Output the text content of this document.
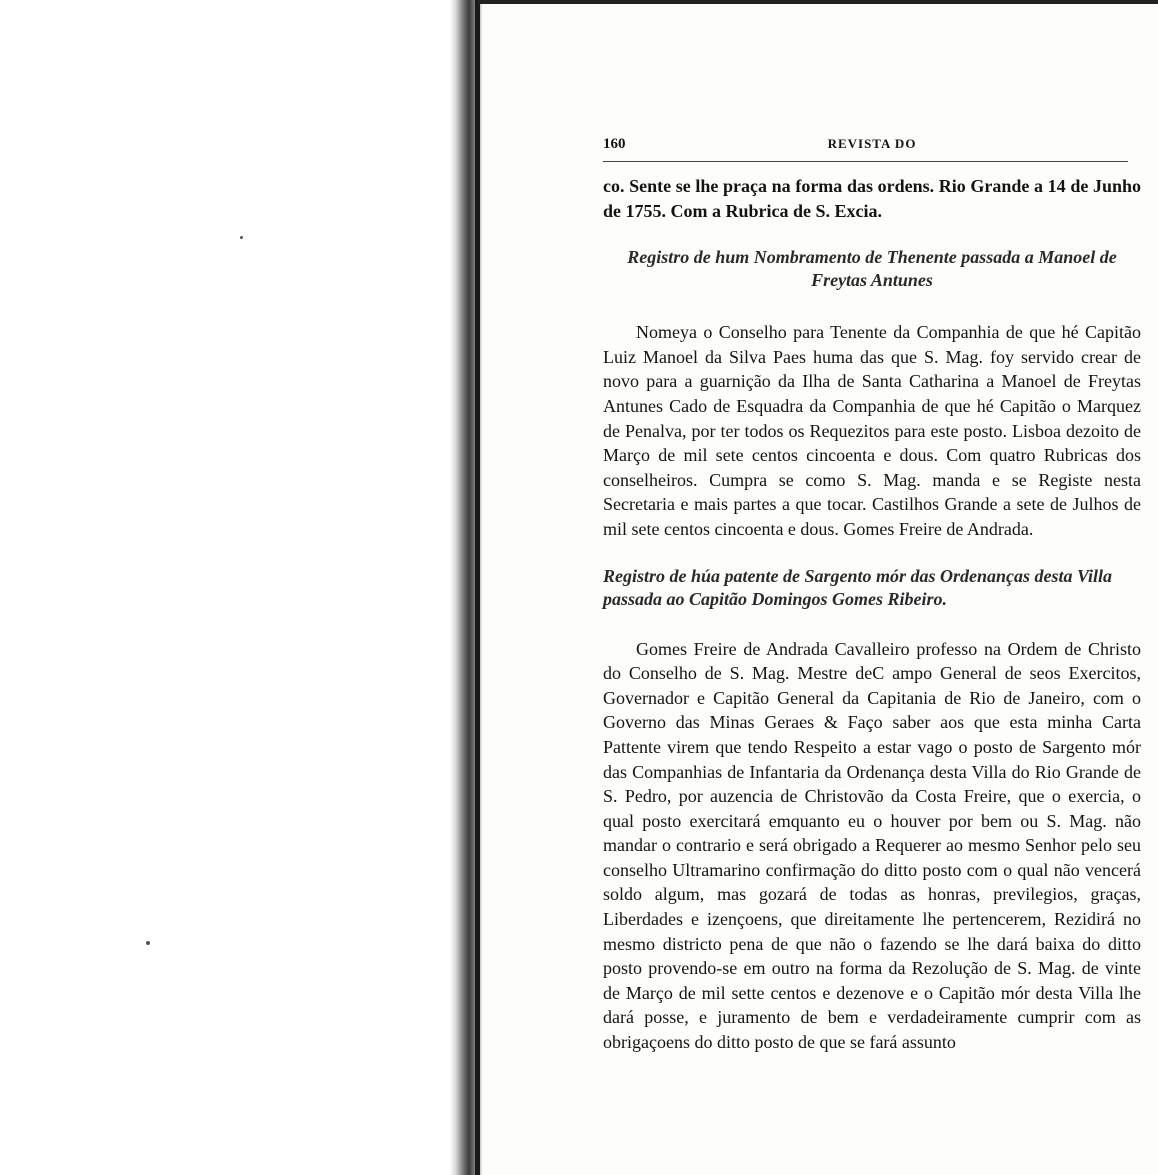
160	REVISTA DO

co. Sente se lhe praça na forma das ordens. Rio Grande a 14 de Junho de 1755. Com a Rubrica de S. Excia.

Registro de hum Nombramento de Thenente passada a Manoel de Freytas Antunes

Nomeya o Conselho para Tenente da Companhia de que hé Capitão Luiz Manoel da Silva Paes huma das que S. Mag. foy servido crear de novo para a guarnição da Ilha de Santa Catharina a Manoel de Freytas Antunes Cado de Esquadra da Companhia de que hé Capitão o Marquez de Penalva, por ter todos os Requezitos para este posto. Lisboa dezoito de Março de mil sete centos cincoenta e dous. Com quatro Rubricas dos conselheiros. Cumpra se como S. Mag. manda e se Registe nesta Secretaria e mais partes a que tocar. Castilhos Grande a sete de Julhos de mil sete centos cincoenta e dous. Gomes Freire de Andrada.

Registro de húa patente de Sargento mór das Ordenanças desta Villa passada ao Capitão Domingos Gomes Ribeiro.

Gomes Freire de Andrada Cavalleiro professo na Ordem de Christo do Conselho de S. Mag. Mestre deC ampo General de seos Exercitos, Governador e Capitão General da Capitania de Rio de Janeiro, com o Governo das Minas Geraes & Faço saber aos que esta minha Carta Pattente virem que tendo Respeito a estar vago o posto de Sargento mór das Companhias de Infantaria da Ordenança desta Villa do Rio Grande de S. Pedro, por auzencia de Christovão da Costa Freire, que o exercia, o qual posto exercitará emquanto eu o houver por bem ou S. Mag. não mandar o contrario e será obrigado a Requerer ao mesmo Senhor pelo seu conselho Ultramarino confirmação do ditto posto com o qual não vencerá soldo algum, mas gozará de todas as honras, previlegios, graças, Liberdades e izençoens, que direitamente lhe pertencerem, Rezidirá no mesmo districto pena de que não o fazendo se lhe dará baixa do ditto posto provendo-se em outro na forma da Rezolução de S. Mag. de vinte de Março de mil sette centos e dezenove e o Capitão mór desta Villa lhe dará posse, e juramento de bem e verdadeiramente cumprir com as obrigaçoens do ditto posto de que se fará assunto
